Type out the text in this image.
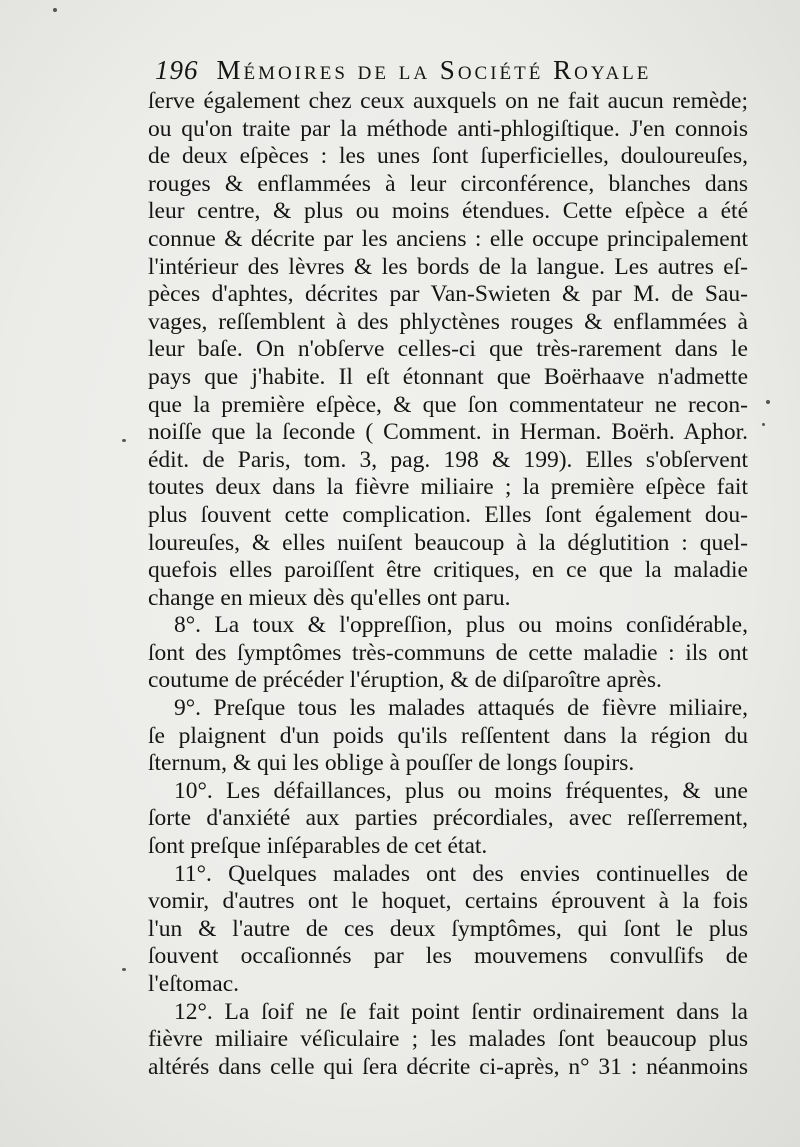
196 Mémoires de la Société Royale
ſerve également chez ceux auxquels on ne fait aucun remède;
ou qu'on traite par la méthode anti-phlogiſtique. J'en connois
de deux eſpèces : les unes ſont ſuperficielles, douloureuſes,
rouges & enflammées à leur circonférence, blanches dans
leur centre, & plus ou moins étendues. Cette eſpèce a été
connue & décrite par les anciens : elle occupe principalement
l'intérieur des lèvres & les bords de la langue. Les autres eſ-
pèces d'aphtes, décrites par Van-Swieten & par M. de Sau-
vages, reſſemblent à des phlyctènes rouges & enflammées à
leur baſe. On n'obſerve celles-ci que très-rarement dans le
pays que j'habite. Il eſt étonnant que Boërhaave n'admette
que la première eſpèce, & que ſon commentateur ne recon-
noiſſe que la ſeconde ( Comment. in Herman. Boërh. Aphor.
édit. de Paris, tom. 3, pag. 198 & 199). Elles s'obſervent
toutes deux dans la fièvre miliaire ; la première eſpèce fait
plus ſouvent cette complication. Elles ſont également dou-
loureuſes, & elles nuiſent beaucoup à la déglutition : quel-
quefois elles paroiſſent être critiques, en ce que la maladie
change en mieux dès qu'elles ont paru.
8°. La toux & l'oppreſſion, plus ou moins conſidérable,
ſont des ſymptômes très-communs de cette maladie : ils ont
coutume de précéder l'éruption, & de diſparoître après.
9°. Preſque tous les malades attaqués de fièvre miliaire,
ſe plaignent d'un poids qu'ils reſſentent dans la région du
ſternum, & qui les oblige à pouſſer de longs ſoupirs.
10°. Les défaillances, plus ou moins fréquentes, & une
ſorte d'anxiété aux parties précordiales, avec reſſerrement,
ſont preſque inſéparables de cet état.
11°. Quelques malades ont des envies continuelles de
vomir, d'autres ont le hoquet, certains éprouvent à la fois
l'un & l'autre de ces deux ſymptômes, qui ſont le plus
ſouvent occaſionnés par les mouvemens convulſifs de
l'eſtomac.
12°. La ſoif ne ſe fait point ſentir ordinairement dans la
fièvre miliaire véſiculaire ; les malades ſont beaucoup plus
altérés dans celle qui ſera décrite ci-après, n° 31 : néanmoins
